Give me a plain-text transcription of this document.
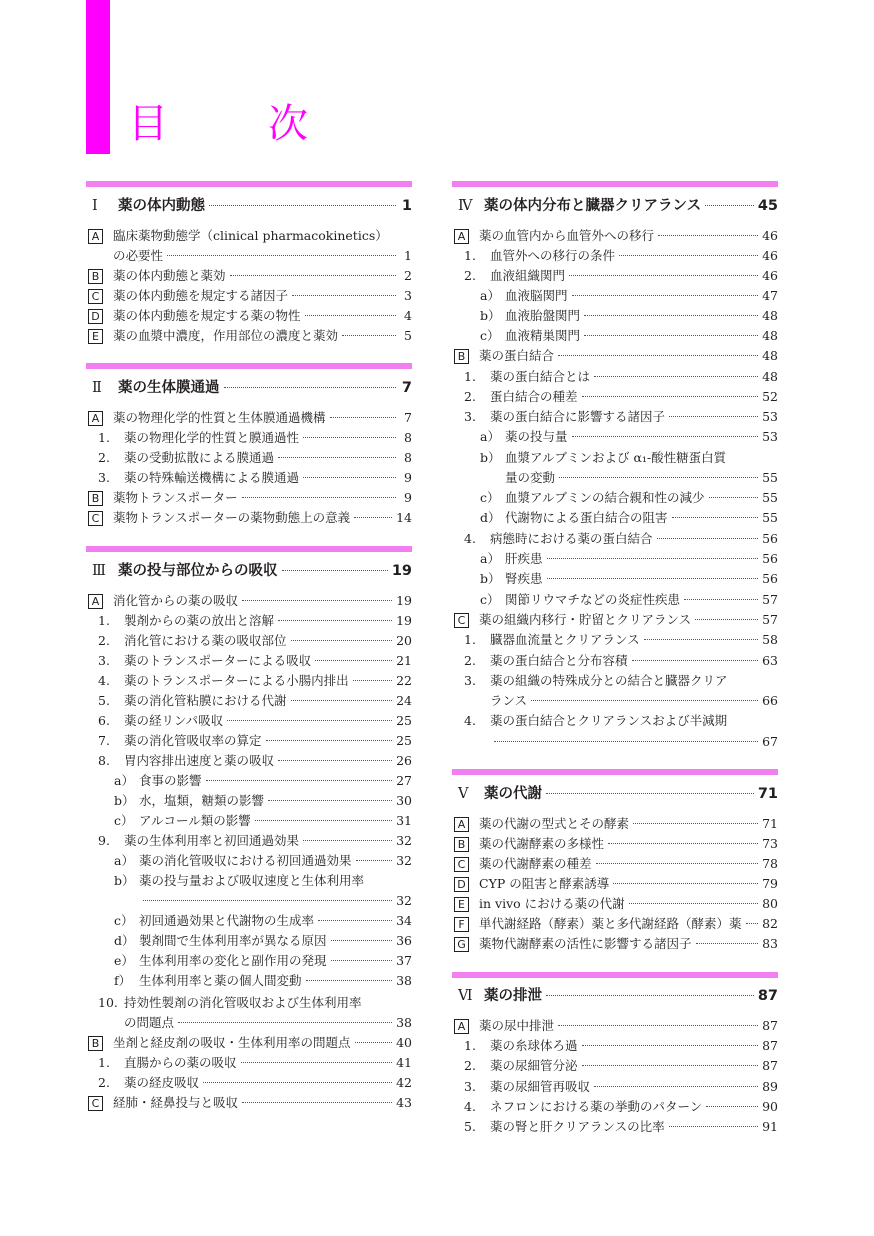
目　次
Ⅰ 薬の体内動態	1
A 臨床薬物動態学（clinical pharmacokinetics）
の必要性	1
B 薬の体内動態と薬効	2
C 薬の体内動態を規定する諸因子	3
D 薬の体内動態を規定する薬の物性	4
E	薬の血漿中濃度，作用部位の濃度と薬効	5
Ⅱ 薬の生体膜通過	7
A 薬の物理化学的性質と生体膜通過機構	7
1. 薬の物理化学的性質と膜通過性	8
2. 薬の受動拡散による膜通過	8
3. 薬の特殊輸送機構による膜通過	9
B 薬物トランスポーター	9
C 薬物トランスポーターの薬物動態上の意義	14
Ⅲ 薬の投与部位からの吸収	19
A 消化管からの薬の吸収	19
1. 製剤からの薬の放出と溶解	19
2. 消化管における薬の吸収部位	20
3. 薬のトランスポーターによる吸収	21
4. 薬のトランスポーターによる小腸内排出	22
5. 薬の消化管粘膜における代謝	24
6. 薬の経リンパ吸収	25
7. 薬の消化管吸収率の算定	25
8. 胃内容排出速度と薬の吸収	26
a） 食事の影響	27
b） 水，塩類，糖類の影響	30
c） アルコール類の影響	31
9. 薬の生体利用率と初回通過効果	32
a） 薬の消化管吸収における初回通過効果	32
b） 薬の投与量および吸収速度と生体利用率
32
c） 初回通過効果と代謝物の生成率	34
d） 製剤間で生体利用率が異なる原因	36
e） 生体利用率の変化と副作用の発現	37
f） 生体利用率と薬の個人間変動	38
10. 持効性製剤の消化管吸収および生体利用率
の問題点	38
B 坐剤と経皮剤の吸収・生体利用率の問題点	40
1. 直腸からの薬の吸収	41
2. 薬の経皮吸収	42
C 経肺・経鼻投与と吸収	43
Ⅳ 薬の体内分布と臓器クリアランス	45
A 薬の血管内から血管外への移行	46
1. 血管外への移行の条件	46
2. 血液組織関門	46
a） 血液脳関門	47
b） 血液胎盤関門	48
c） 血液精巣関門	48
B 薬の蛋白結合	48
1. 薬の蛋白結合とは	48
2. 蛋白結合の種差	52
3. 薬の蛋白結合に影響する諸因子	53
a） 薬の投与量	53
b） 血漿アルブミンおよび α₁-酸性糖蛋白質
量の変動	55
c） 血漿アルブミンの結合親和性の減少	55
d） 代謝物による蛋白結合の阻害	55
4. 病態時における薬の蛋白結合	56
a） 肝疾患	56
b） 腎疾患	56
c） 関節リウマチなどの炎症性疾患	57
C 薬の組織内移行・貯留とクリアランス	57
1. 臓器血流量とクリアランス	58
2. 薬の蛋白結合と分布容積	63
3. 薬の組織の特殊成分との結合と臓器クリア
ランス	66
4. 薬の蛋白結合とクリアランスおよび半減期
67
Ⅴ 薬の代謝	71
A 薬の代謝の型式とその酵素	71
B 薬の代謝酵素の多様性	73
C 薬の代謝酵素の種差	78
D CYP の阻害と酵素誘導	79
E	in vivo における薬の代謝	80
F	単代謝経路（酵素）薬と多代謝経路（酵素）薬 82
G 薬物代謝酵素の活性に影響する諸因子	83
Ⅵ 薬の排泄	87
A 薬の尿中排泄	87
1. 薬の糸球体ろ過	87
2. 薬の尿細管分泌	87
3. 薬の尿細管再吸収	89
4. ネフロンにおける薬の挙動のパターン	90
5. 薬の腎と肝クリアランスの比率	91
